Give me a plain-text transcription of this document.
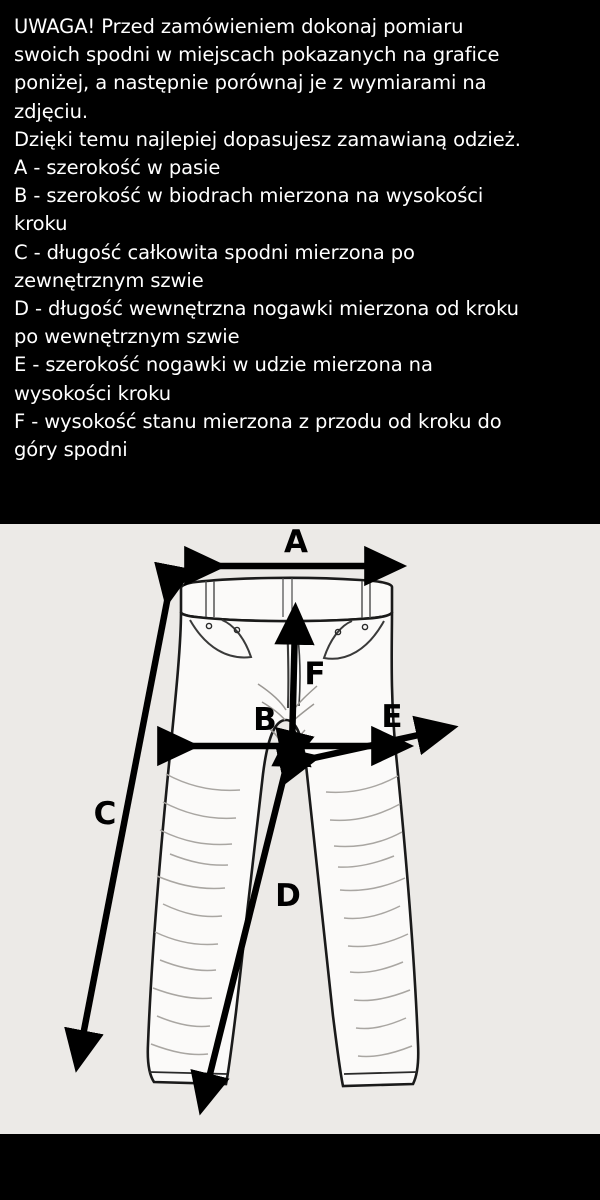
UWAGA! Przed zamówieniem dokonaj pomiaru

swoich spodni w miejscach pokazanych na grafice

poniżej, a następnie porównaj je z wymiarami na

zdjęciu.

Dzięki temu najlepiej dopasujesz zamawianą odzież.

A - szerokość w pasie

B - szerokość w biodrach mierzona na wysokości

kroku

C - długość całkowita spodni mierzona po

zewnętrznym szwie

D - długość wewnętrzna nogawki mierzona od kroku

po wewnętrznym szwie

E - szerokość nogawki w udzie mierzona na

wysokości kroku

F - wysokość stanu mierzona z przodu od kroku do

góry spodni

A
F
B	E
C
D
